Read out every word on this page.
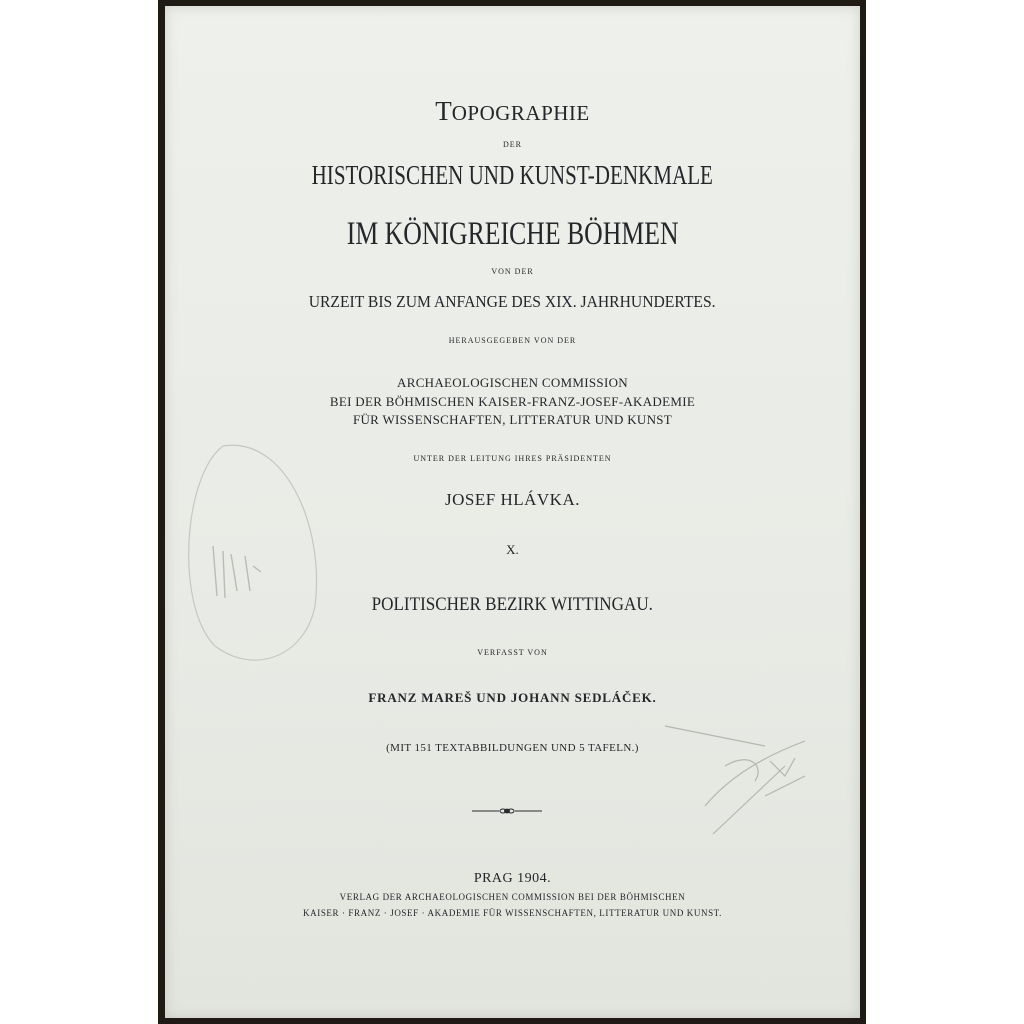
TOPOGRAPHIE
DER
HISTORISCHEN UND KUNST-DENKMALE
IM KÖNIGREICHE BÖHMEN
VON DER
URZEIT BIS ZUM ANFANGE DES XIX. JAHRHUNDERTES.
HERAUSGEGEBEN VON DER
ARCHAEOLOGISCHEN COMMISSION
BEI DER BÖHMISCHEN KAISER-FRANZ-JOSEF-AKADEMIE
FÜR WISSENSCHAFTEN, LITTERATUR UND KUNST
UNTER DER LEITUNG IHRES PRÄSIDENTEN
JOSEF HLÁVKA.
X.
POLITISCHER BEZIRK WITTINGAU.
VERFASST VON
FRANZ MAREŠ UND JOHANN SEDLÁČEK.
(MIT 151 TEXTABBILDUNGEN UND 5 TAFELN.)
PRAG 1904.
VERLAG DER ARCHAEOLOGISCHEN COMMISSION BEI DER BÖHMISCHEN
KAISER · FRANZ · JOSEF · AKADEMIE FÜR WISSENSCHAFTEN, LITTERATUR UND KUNST.
